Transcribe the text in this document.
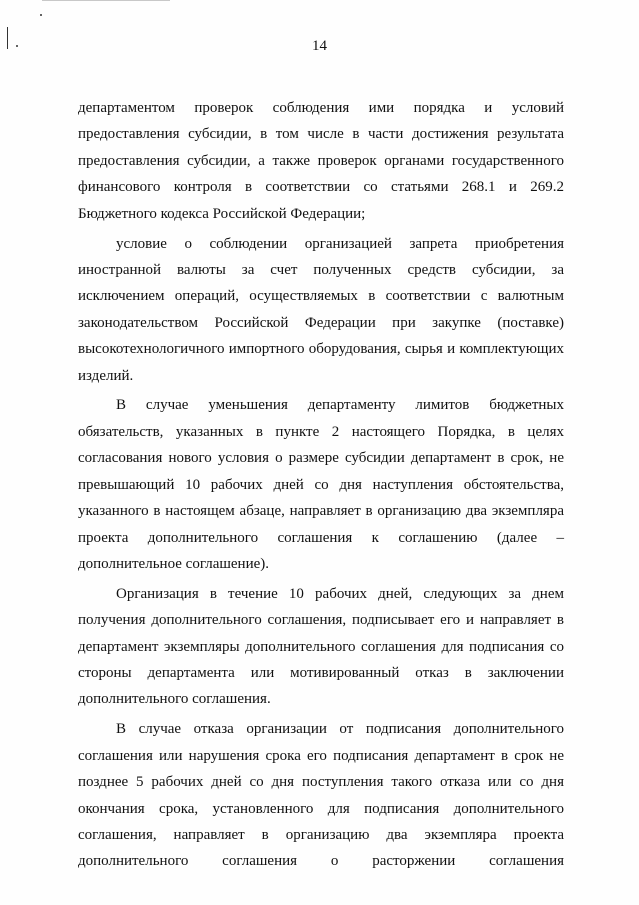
14

департаментом проверок соблюдения ими порядка и условий предоставления субсидии, в том числе в части достижения результата предоставления субсидии, а также проверок органами государственного финансового контроля в соответствии со статьями 268.1 и 269.2 Бюджетного кодекса Российской Федерации;

условие о соблюдении организацией запрета приобретения иностранной валюты за счет полученных средств субсидии, за исключением операций, осуществляемых в соответствии с валютным законодательством Российской Федерации при закупке (поставке) высокотехнологичного импортного оборудования, сырья и комплектующих изделий.

В случае уменьшения департаменту лимитов бюджетных обязательств, указанных в пункте 2 настоящего Порядка, в целях согласования нового условия о размере субсидии департамент в срок, не превышающий 10 рабочих дней со дня наступления обстоятельства, указанного в настоящем абзаце, направляет в организацию два экземпляра проекта дополнительного соглашения к соглашению (далее – дополнительное соглашение).

Организация в течение 10 рабочих дней, следующих за днем получения дополнительного соглашения, подписывает его и направляет в департамент экземпляры дополнительного соглашения для подписания со стороны департамента или мотивированный отказ в заключении дополнительного соглашения.

В случае отказа организации от подписания дополнительного соглашения или нарушения срока его подписания департамент в срок не позднее 5 рабочих дней со дня поступления такого отказа или со дня окончания срока, установленного для подписания дополнительного соглашения, направляет в организацию два экземпляра проекта дополнительного соглашения о расторжении соглашения
